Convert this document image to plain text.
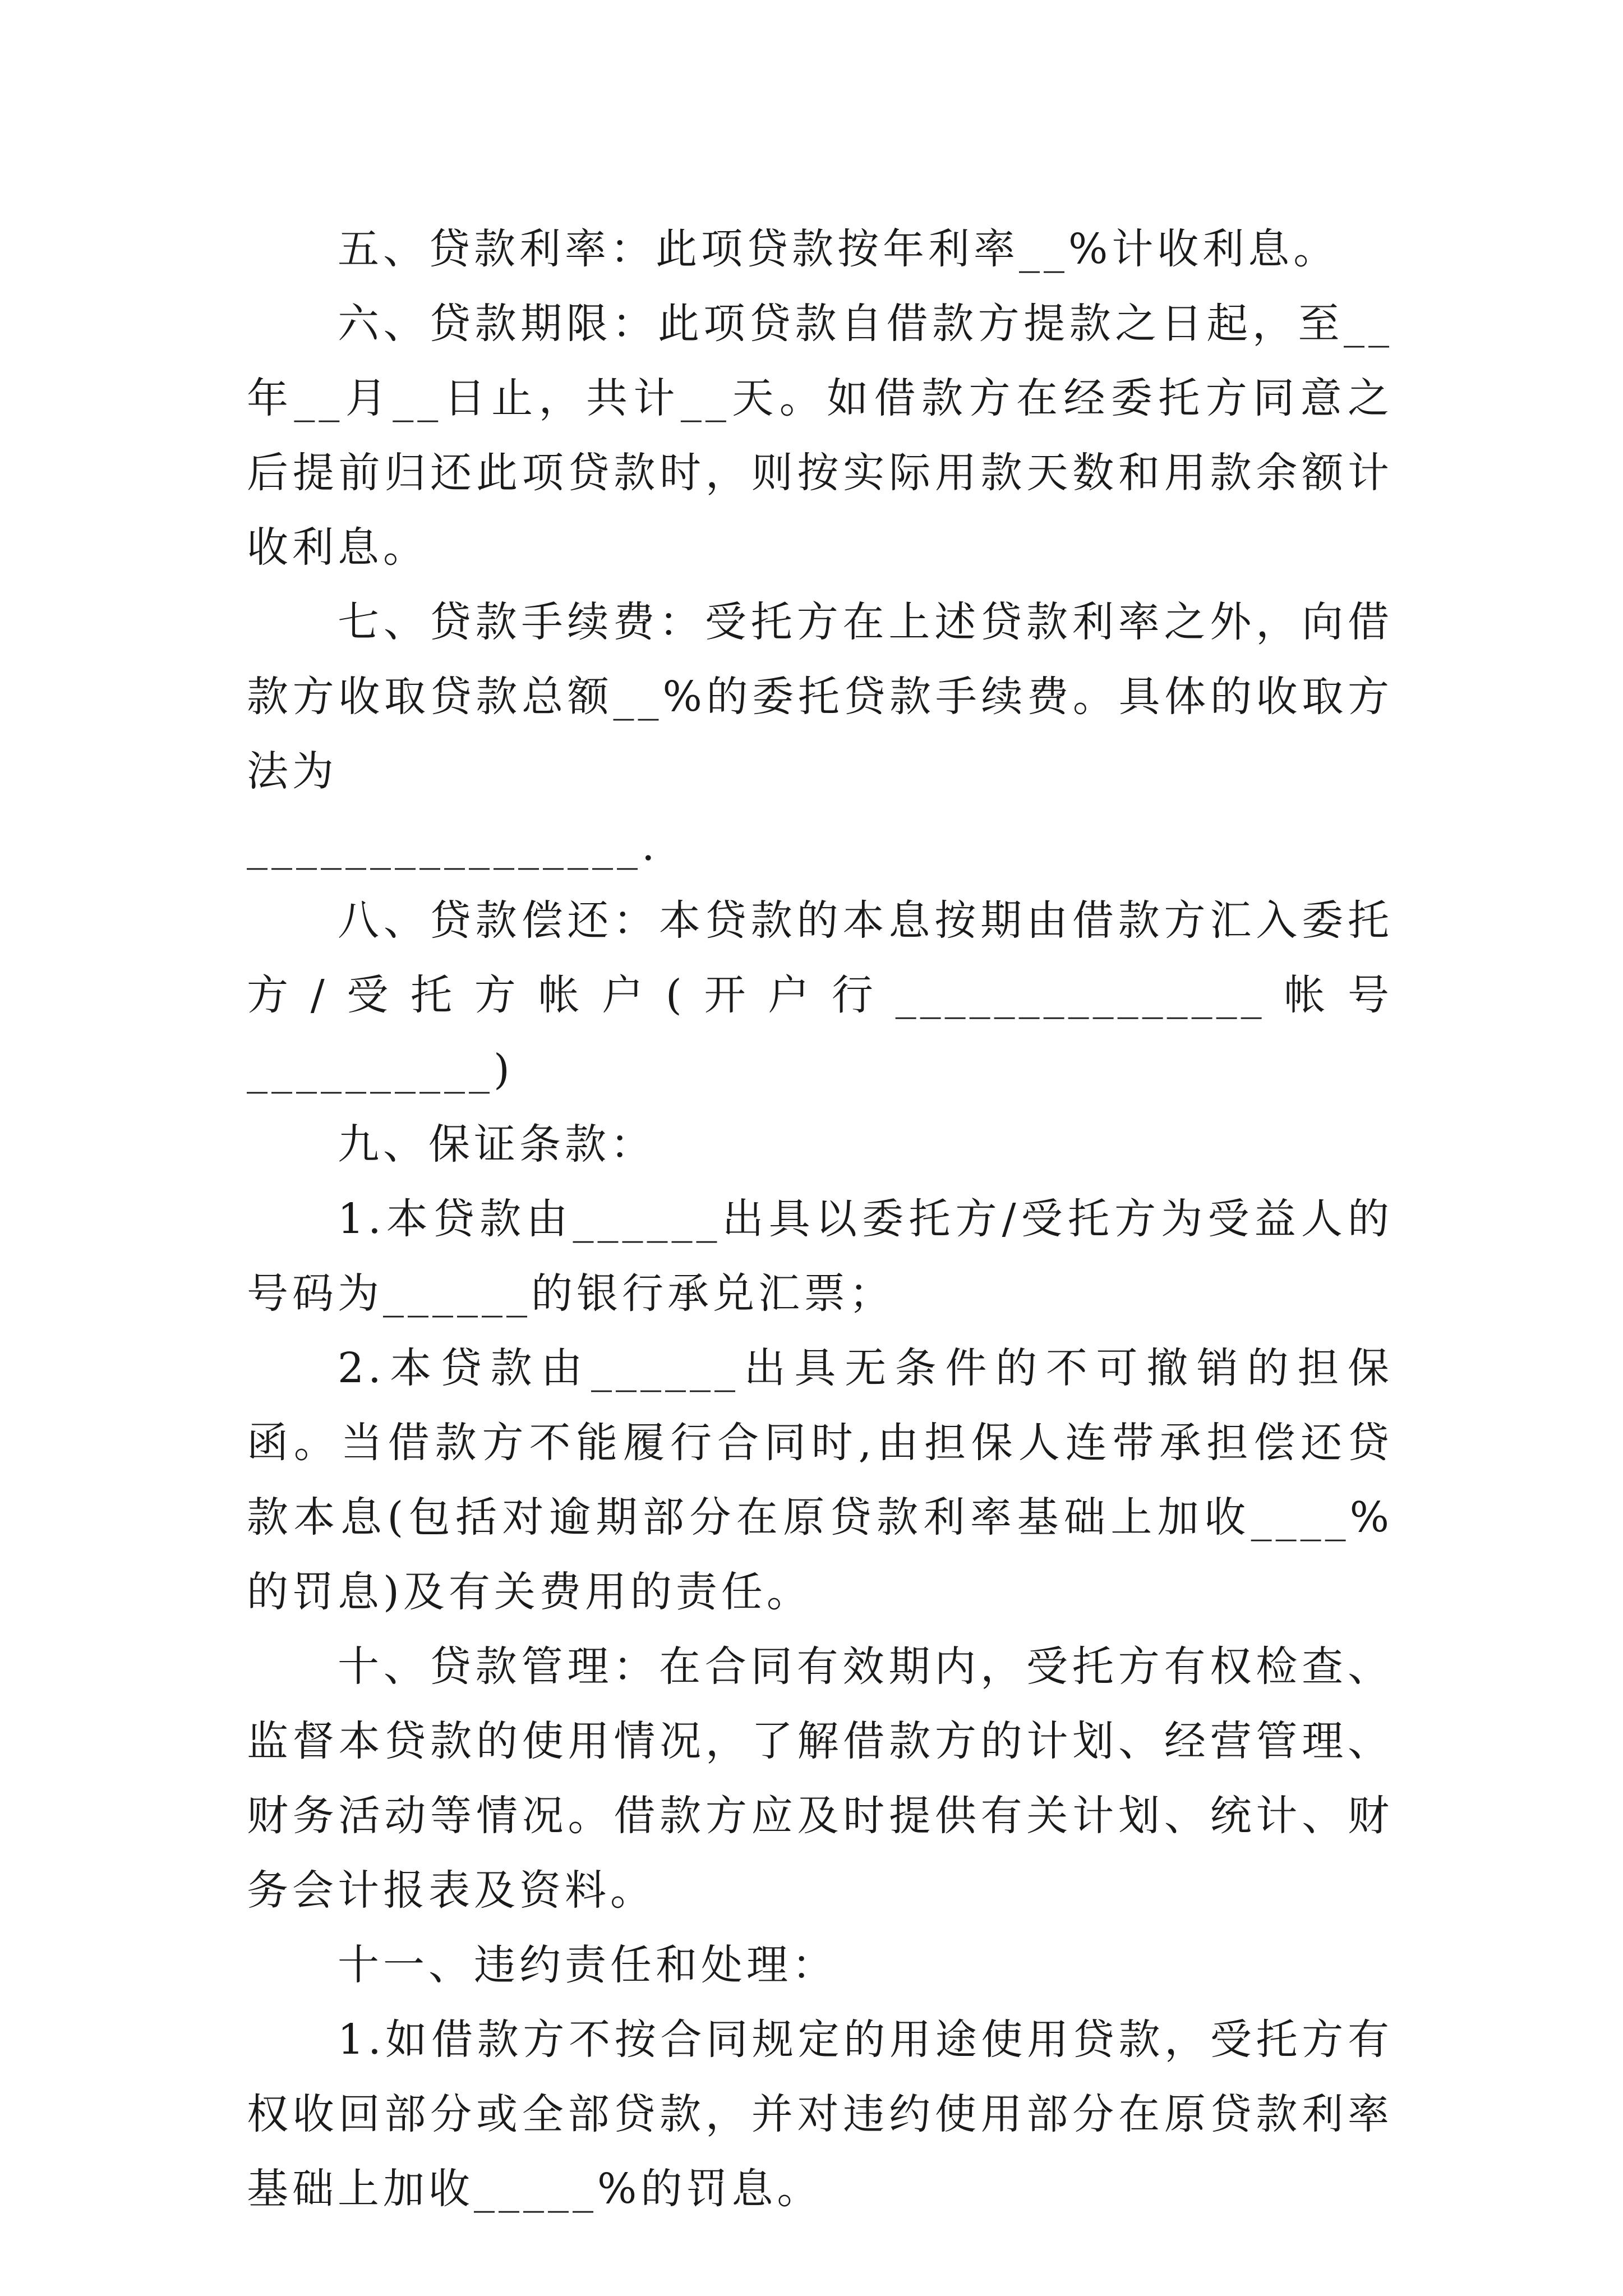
五、贷款利率：此项贷款按年利率__%计收利息。

六、贷款期限：此项贷款自借款方提款之日起，至__年__月__日止，共计__天。如借款方在经委托方同意之后提前归还此项贷款时，则按实际用款天数和用款余额计收利息。

七、贷款手续费：受托方在上述贷款利率之外，向借款方收取贷款总额__%的委托贷款手续费。具体的收取方法为

________________.

八、贷款偿还：本贷款的本息按期由借款方汇入委托方/受托方帐户(开户行_______________帐号__________)

九、保证条款：

1.本贷款由______出具以委托方/受托方为受益人的号码为______的银行承兑汇票；

2.本贷款由______出具无条件的不可撤销的担保函。当借款方不能履行合同时,由担保人连带承担偿还贷款本息(包括对逾期部分在原贷款利率基础上加收____%的罚息)及有关费用的责任。

十、贷款管理：在合同有效期内，受托方有权检查、监督本贷款的使用情况，了解借款方的计划、经营管理、财务活动等情况。借款方应及时提供有关计划、统计、财务会计报表及资料。

十一、违约责任和处理：

1.如借款方不按合同规定的用途使用贷款，受托方有权收回部分或全部贷款，并对违约使用部分在原贷款利率基础上加收_____%的罚息。
